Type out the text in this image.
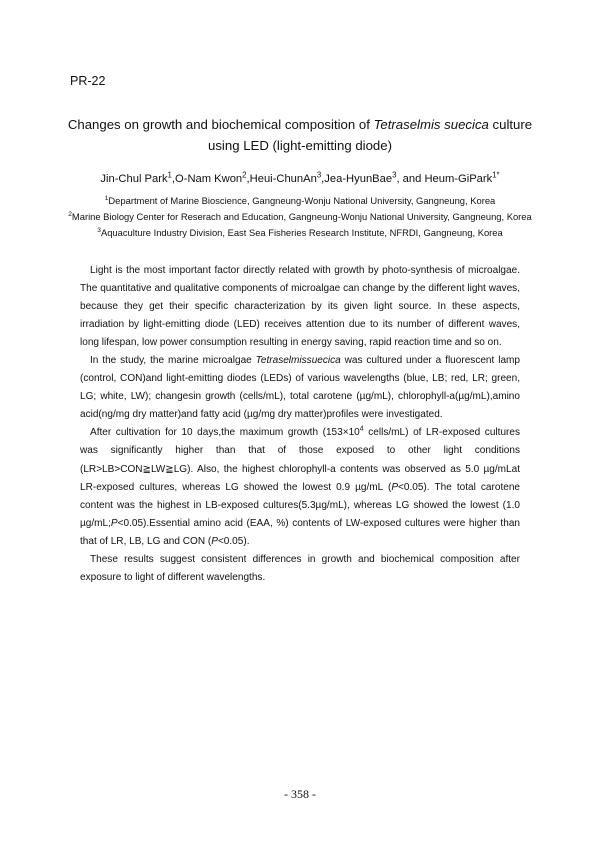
PR-22
Changes on growth and biochemical composition of Tetraselmis suecica culture
using LED (light-emitting diode)
Jin-Chul Park$^1$,O-Nam Kwon$^2$,Heui-ChunAn$^3$,Jea-HyunBae$^3$, and Heum-GiPark$^{1*}$
$^1$Department of Marine Bioscience, Gangneung-Wonju National University, Gangneung, Korea
$^2$Marine Biology Center for Reserach and Education, Gangneung-Wonju National University, Gangneung, Korea
$^3$Aquaculture Industry Division, East Sea Fisheries Research Institute, NFRDI, Gangneung, Korea

Light is the most important factor directly related with growth by photo-synthesis of microalgae. The quantitative and qualitative components of microalgae can change by the different light waves, because they get their specific characterization by its given light source. In these aspects, irradiation by light-emitting diode (LED) receives attention due to its number of different waves, long lifespan, low power consumption resulting in energy saving, rapid reaction time and so on.

In the study, the marine microalgae Tetraselmissuecica was cultured under a fluorescent lamp (control, CON)and light-emitting diodes (LEDs) of various wavelengths (blue, LB; red, LR; green, LG; white, LW); changesin growth (cells/mL), total carotene (µg/mL), chlorophyll-a(µg/mL),amino acid(ng/mg dry matter)and fatty acid (µg/mg dry matter)profiles were investigated.

After cultivation for 10 days,the maximum growth ($153\times 10^4$ cells/mL) of LR-exposed cultures was significantly higher than that of those exposed to other light conditions (LR>LB>CON≧LW≧LG). Also, the highest chlorophyll-a contents was observed as 5.0 µg/mLat LR-exposed cultures, whereas LG showed the lowest 0.9 µg/mL (P<0.05). The total carotene content was the highest in LB-exposed cultures(5.3µg/mL), whereas LG showed the lowest (1.0 µg/mL;P<0.05).Essential amino acid (EAA, %) contents of LW-exposed cultures were higher than that of LR, LB, LG and CON (P<0.05).

These results suggest consistent differences in growth and biochemical composition after exposure to light of different wavelengths.

- 358 -
